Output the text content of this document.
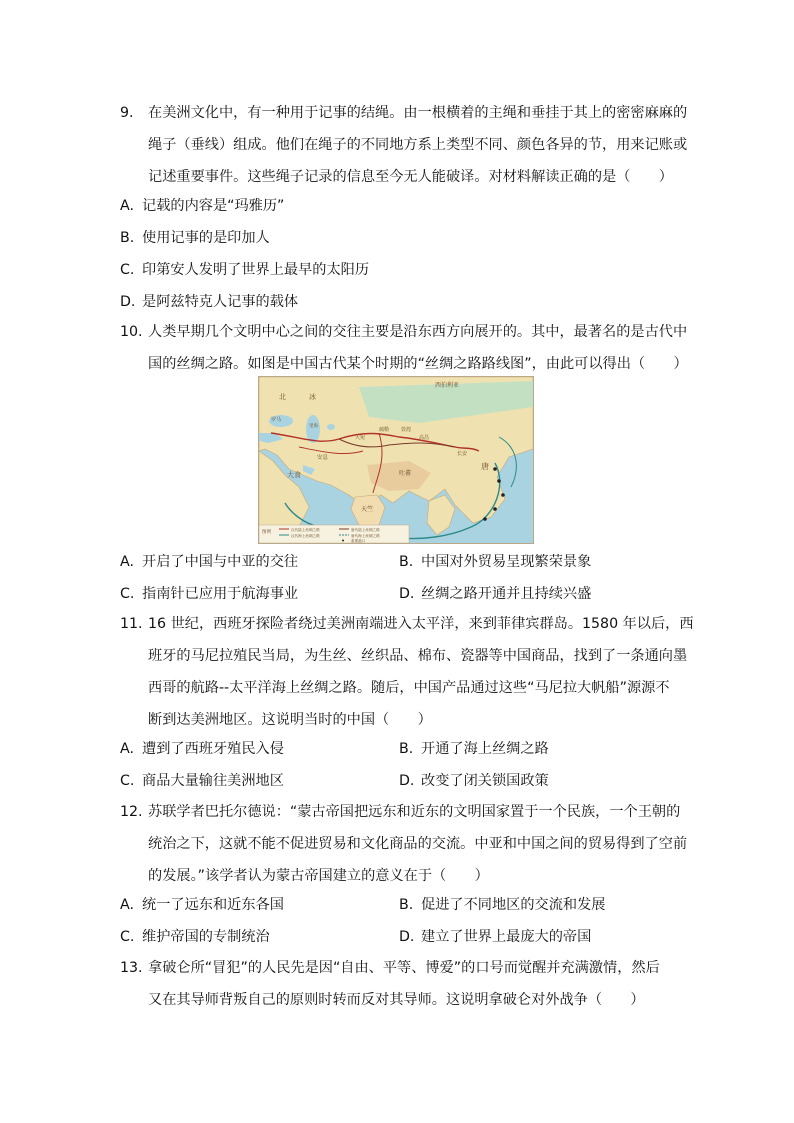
9.	在美洲文化中，有一种用于记事的结绳。由一根横着的主绳和垂挂于其上的密密麻麻的
绳子（垂线）组成。他们在绳子的不同地方系上类型不同、颜色各异的节，用来记账或
记述重要事件。这些绳子记录的信息至今无人能破译。对材料解读正确的是（　　）
A. 记载的内容是“玛雅历”
B. 使用记事的是印加人
C. 印第安人发明了世界上最早的太阳历
D. 是阿兹特克人记事的载体
10. 人类早期几个文明中心之间的交往主要是沿东西方向展开的。其中，最著名的是古代中
国的丝绸之路。如图是中国古代某个时期的“丝绸之路路线图”，由此可以得出（　　）
北	冰
西伯利亚
罗马
里海
安息
大宛
大食
天竺
吐蕃
敦煌
疏勒
高昌
长安
唐
图例	汉代陆上丝绸之路
汉代海上丝绸之路
唐代陆上丝绸之路
唐代海上丝绸之路
重要港口
A. 开启了中国与中亚的交往	B. 中国对外贸易呈现繁荣景象
C. 指南针已应用于航海事业	D. 丝绸之路开通并且持续兴盛
11. 16 世纪，西班牙探险者绕过美洲南端进入太平洋，来到菲律宾群岛。1580 年以后，西
班牙的马尼拉殖民当局，为生丝、丝织品、棉布、瓷器等中国商品，找到了一条通向墨
西哥的航路--太平洋海上丝绸之路。随后，中国产品通过这些“马尼拉大帆船”源源不
断到达美洲地区。这说明当时的中国（　　）
A. 遭到了西班牙殖民入侵	B. 开通了海上丝绸之路
C. 商品大量输往美洲地区	D. 改变了闭关锁国政策
12. 苏联学者巴托尔德说：“蒙古帝国把远东和近东的文明国家置于一个民族，一个王朝的
统治之下，这就不能不促进贸易和文化商品的交流。中亚和中国之间的贸易得到了空前
的发展。”该学者认为蒙古帝国建立的意义在于（　　）
A. 统一了远东和近东各国	B. 促进了不同地区的交流和发展
C. 维护帝国的专制统治	D. 建立了世界上最庞大的帝国
13. 拿破仑所“冒犯”的人民先是因“自由、平等、博爱”的口号而觉醒并充满激情，然后
又在其导师背叛自己的原则时转而反对其导师。这说明拿破仑对外战争（　　）
